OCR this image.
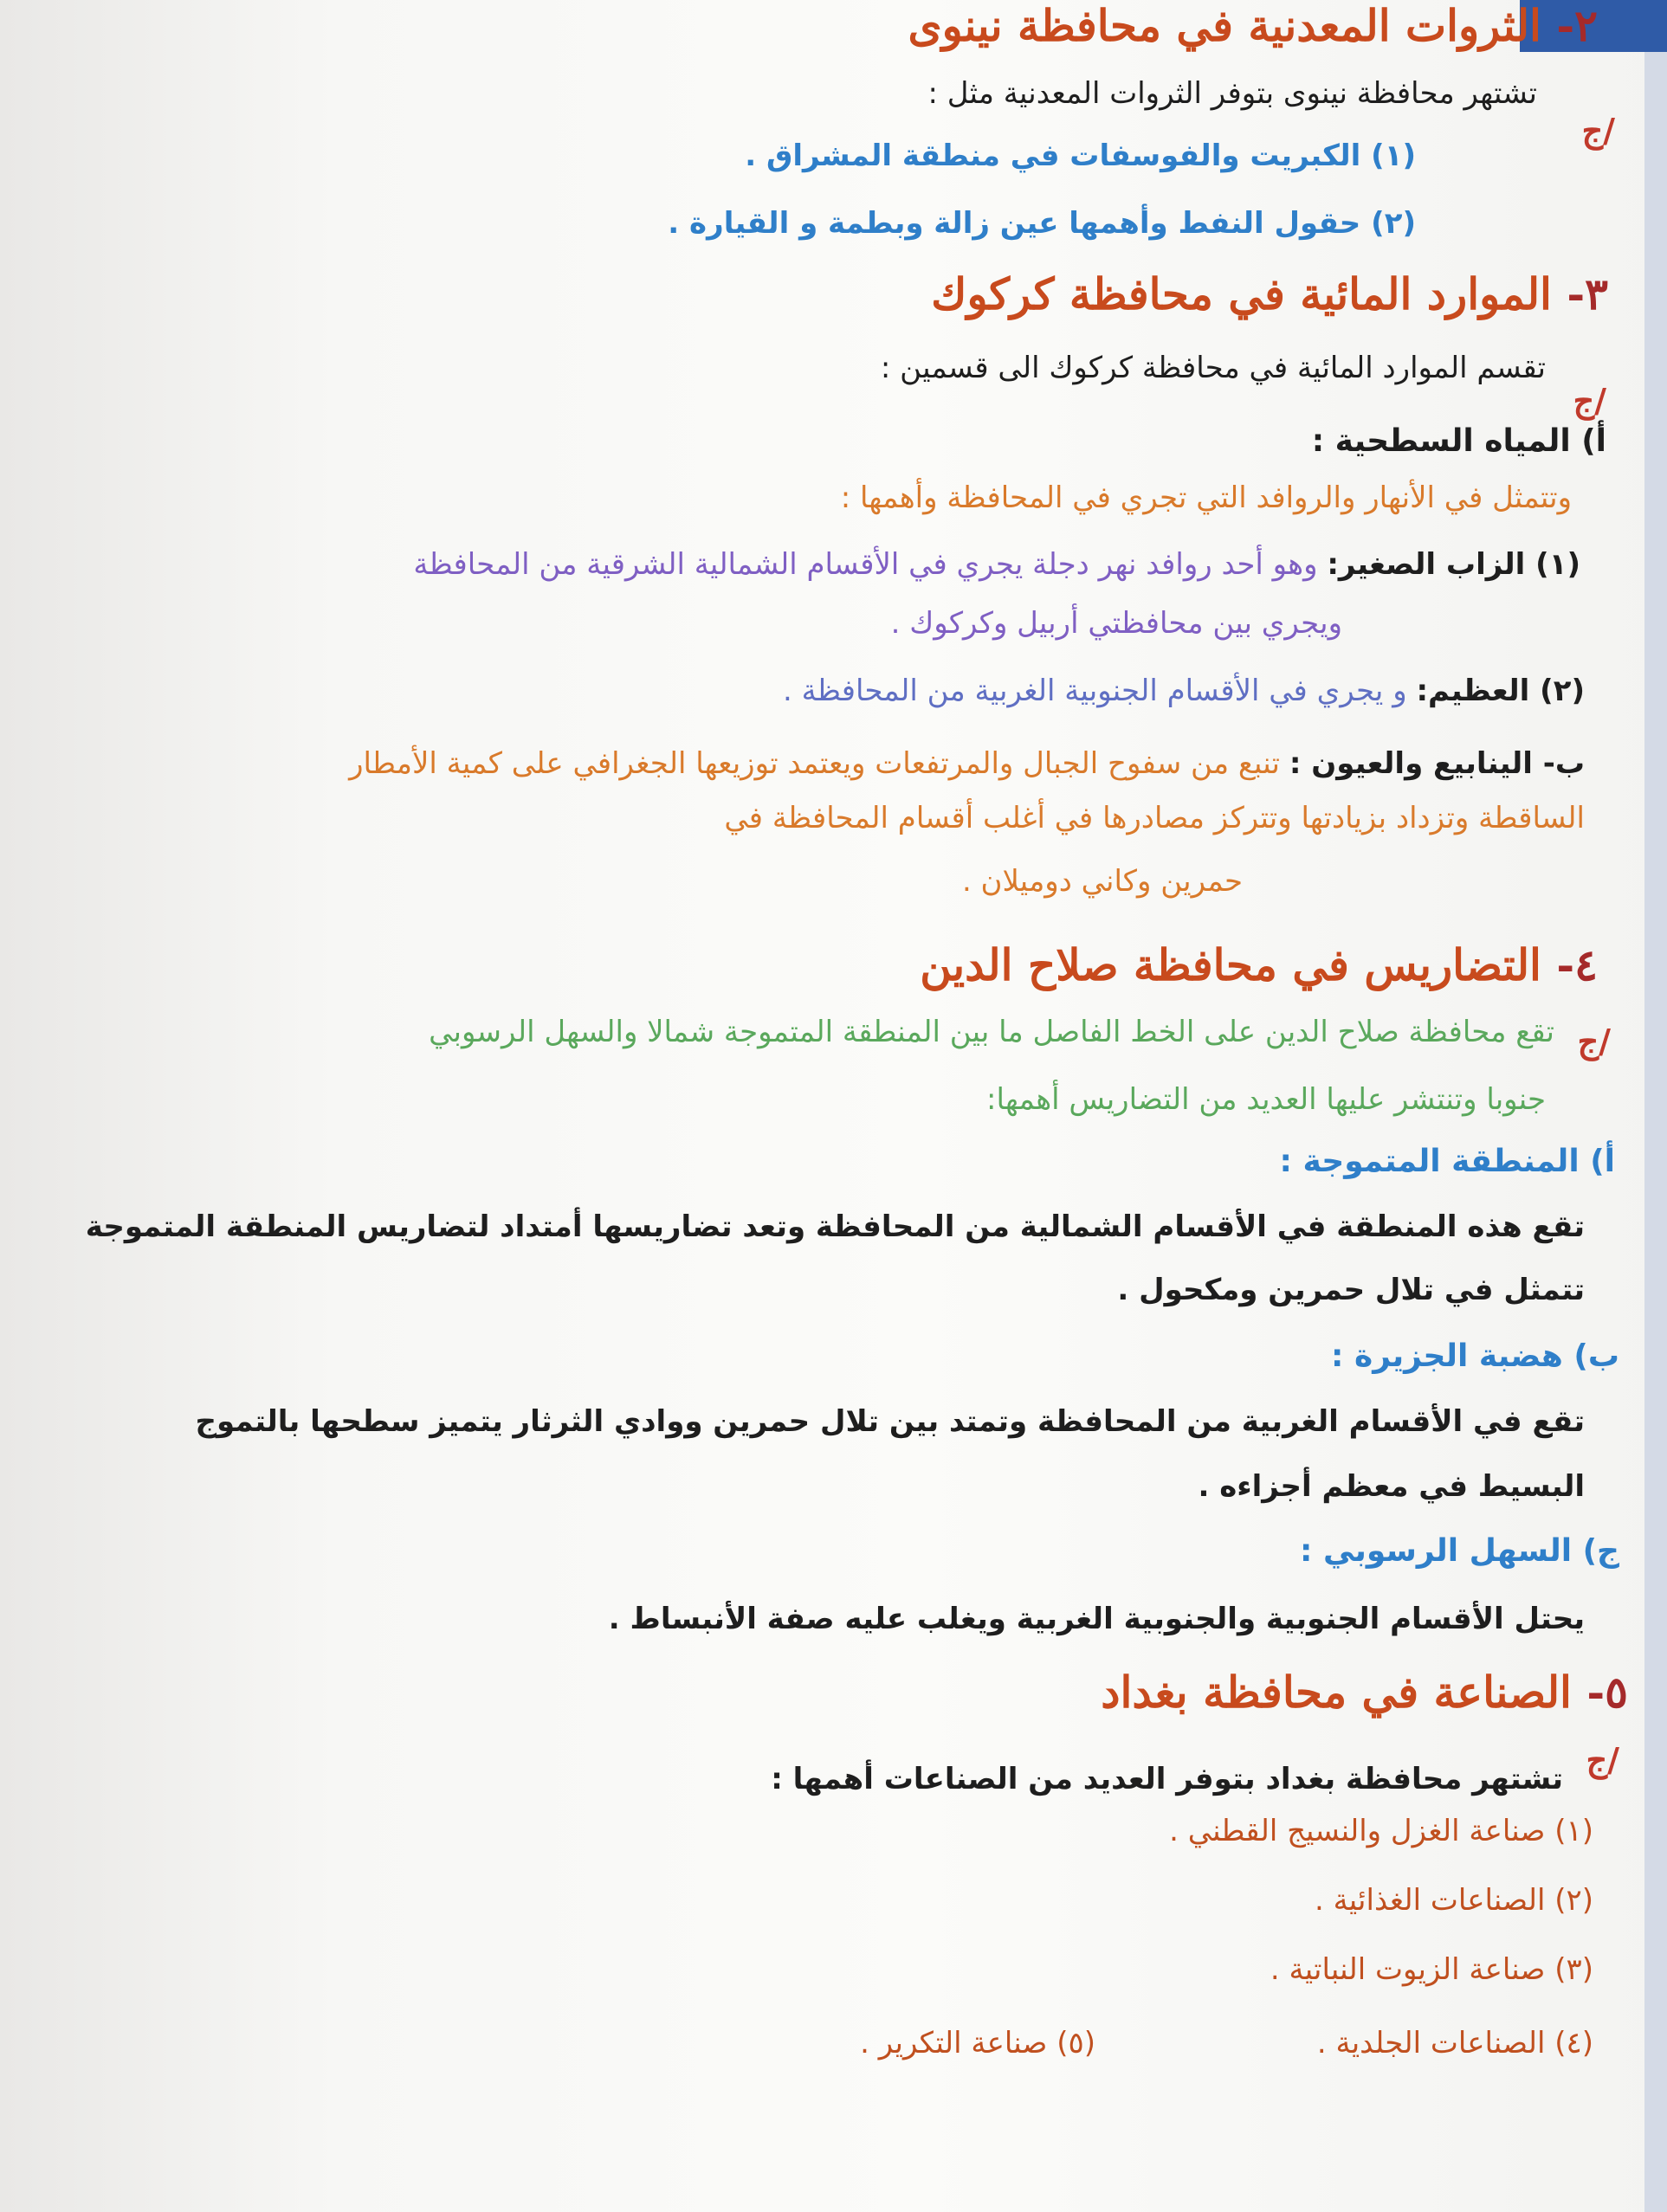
٢- الثروات المعدنية في محافظة نينوى
ج/
تشتهر محافظة نينوى بتوفر الثروات المعدنية مثل :
(١) الكبريت والفوسفات في منطقة المشراق .
(٢) حقول النفط وأهمها عين زالة وبطمة و القيارة .
٣- الموارد المائية في محافظة كركوك
ج/
تقسم الموارد المائية في محافظة كركوك الى قسمين :
أ) المياه السطحية :
وتتمثل في الأنهار والروافد التي تجري في المحافظة وأهمها :
(١) الزاب الصغير: وهو أحد روافد نهر دجلة يجري في الأقسام الشمالية الشرقية من المحافظة
ويجري بين محافظتي أربيل وكركوك .
(٢) العظيم: و يجري في الأقسام الجنوبية الغربية من المحافظة .
ب- الينابيع والعيون : تنبع من سفوح الجبال والمرتفعات ويعتمد توزيعها الجغرافي على كمية الأمطار
الساقطة وتزداد بزيادتها وتتركز مصادرها في أغلب أقسام المحافظة في
حمرين وكاني دوميلان .
٤- التضاريس في محافظة صلاح الدين
ج/
تقع محافظة صلاح الدين على الخط الفاصل ما بين المنطقة المتموجة شمالا والسهل الرسوبي
جنوبا وتنتشر عليها العديد من التضاريس أهمها:
أ) المنطقة المتموجة :
تقع هذه المنطقة في الأقسام الشمالية من المحافظة وتعد تضاريسها أمتداد لتضاريس المنطقة المتموجة
تتمثل في تلال حمرين ومكحول .
ب) هضبة الجزيرة :
تقع في الأقسام الغربية من المحافظة وتمتد بين تلال حمرين ووادي الثرثار يتميز سطحها بالتموج
البسيط في معظم أجزاءه .
ج) السهل الرسوبي :
يحتل الأقسام الجنوبية والجنوبية الغربية ويغلب عليه صفة الأنبساط .
٥- الصناعة في محافظة بغداد
ج/
تشتهر محافظة بغداد بتوفر العديد من الصناعات أهمها :
(١) صناعة الغزل والنسيج القطني .
(٢) الصناعات الغذائية .
(٣) صناعة الزيوت النباتية .
(٤) الصناعات الجلدية .
(٥) صناعة التكرير .
